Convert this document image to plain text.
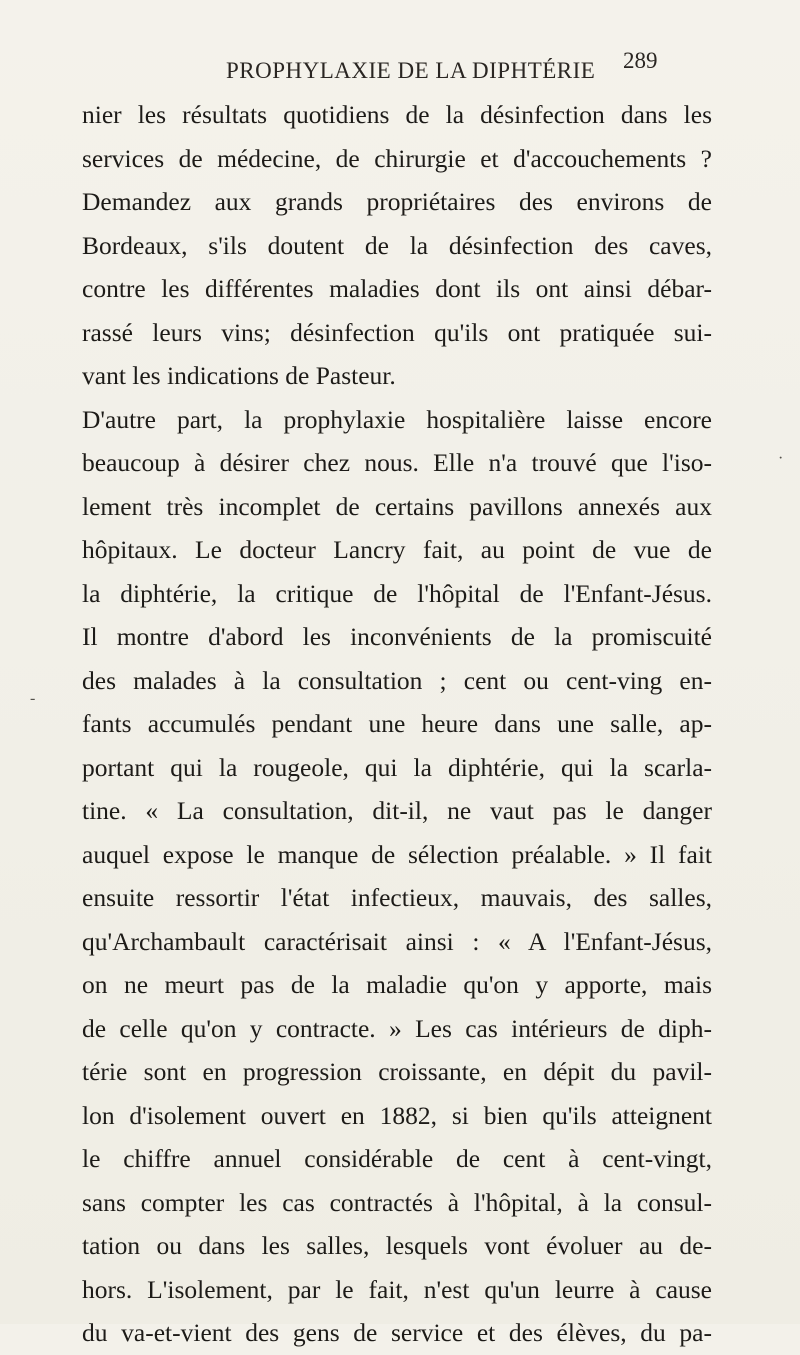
PROPHYLAXIE DE LA DIPHTÉRIE 289
nier les résultats quotidiens de la désinfection dans les
services de médecine, de chirurgie et d'accouchements ?
Demandez aux grands propriétaires des environs de
Bordeaux, s'ils doutent de la désinfection des caves,
contre les différentes maladies dont ils ont ainsi débar-
rassé leurs vins; désinfection qu'ils ont pratiquée sui-
vant les indications de Pasteur.
D'autre part, la prophylaxie hospitalière laisse encore
beaucoup à désirer chez nous. Elle n'a trouvé que l'iso-
lement très incomplet de certains pavillons annexés aux
hôpitaux. Le docteur Lancry fait, au point de vue de
la diphtérie, la critique de l'hôpital de l'Enfant-Jésus.
Il montre d'abord les inconvénients de la promiscuité
des malades à la consultation ; cent ou cent-ving en-
fants accumulés pendant une heure dans une salle, ap-
portant qui la rougeole, qui la diphtérie, qui la scarla-
tine. « La consultation, dit-il, ne vaut pas le danger
auquel expose le manque de sélection préalable. » Il fait
ensuite ressortir l'état infectieux, mauvais, des salles,
qu'Archambault caractérisait ainsi : « A l'Enfant-Jésus,
on ne meurt pas de la maladie qu'on y apporte, mais
de celle qu'on y contracte. » Les cas intérieurs de diph-
térie sont en progression croissante, en dépit du pavil-
lon d'isolement ouvert en 1882, si bien qu'ils atteignent
le chiffre annuel considérable de cent à cent-vingt,
sans compter les cas contractés à l'hôpital, à la consul-
tation ou dans les salles, lesquels vont évoluer au de-
hors. L'isolement, par le fait, n'est qu'un leurre à cause
du va-et-vient des gens de service et des élèves, du pa-
-
·
